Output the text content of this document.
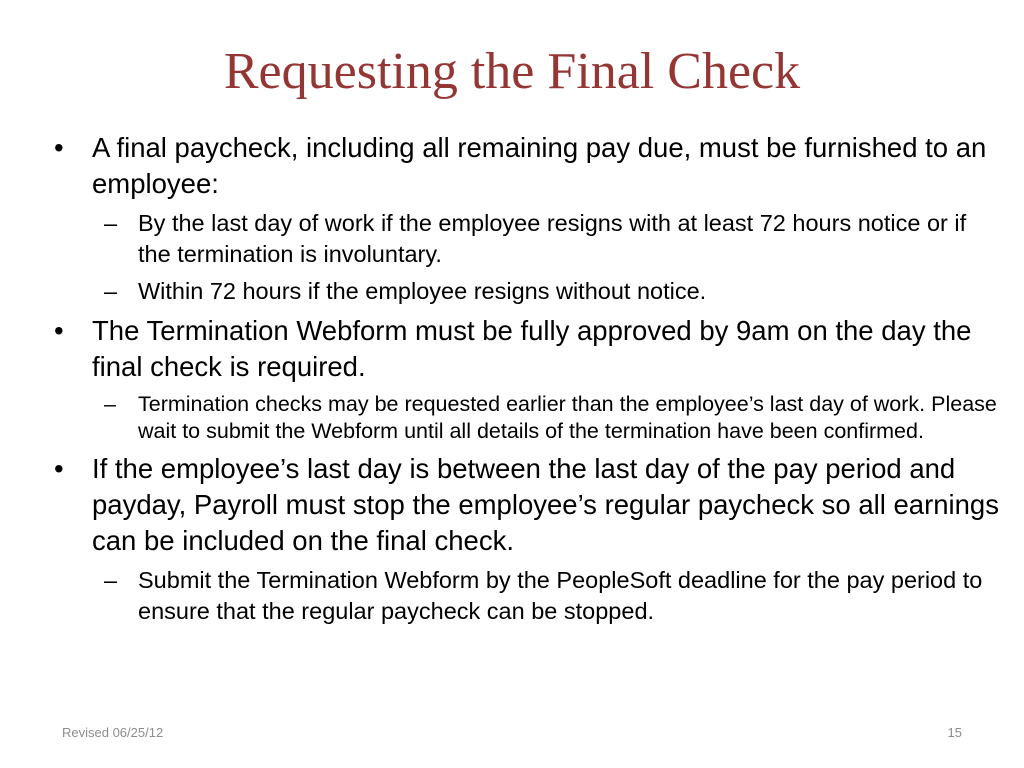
Requesting the Final Check
• A final paycheck, including all remaining pay due, must be furnished to an employee:
– By the last day of work if the employee resigns with at least 72 hours notice or if the termination is involuntary.
– Within 72 hours if the employee resigns without notice.
• The Termination Webform must be fully approved by 9am on the day the final check is required.
– Termination checks may be requested earlier than the employee’s last day of work. Please wait to submit the Webform until all details of the termination have been confirmed.
• If the employee’s last day is between the last day of the pay period and payday, Payroll must stop the employee’s regular paycheck so all earnings can be included on the final check.
– Submit the Termination Webform by the PeopleSoft deadline for the pay period to ensure that the regular paycheck can be stopped.
Revised 06/25/12	15
